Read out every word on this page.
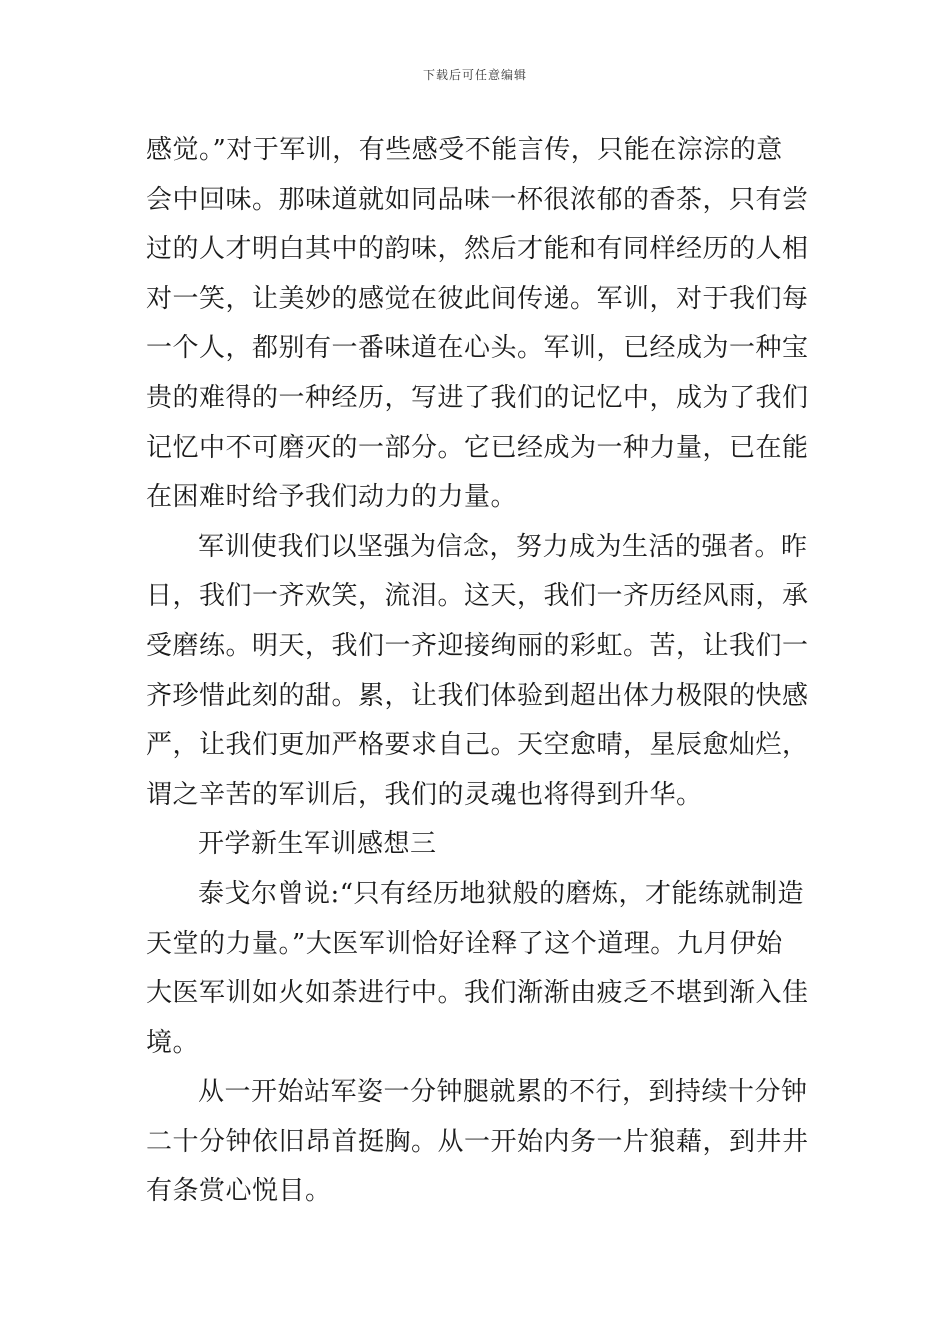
下载后可任意编辑
感觉。”对于军训，有些感受不能言传，只能在淙淙的意
会中回味。那味道就如同品味一杯很浓郁的香茶，只有尝
过的人才明白其中的韵味，然后才能和有同样经历的人相
对一笑，让美妙的感觉在彼此间传递。军训，对于我们每
一个人，都别有一番味道在心头。军训，已经成为一种宝
贵的难得的一种经历，写进了我们的记忆中，成为了我们
记忆中不可磨灭的一部分。它已经成为一种力量，已在能
在困难时给予我们动力的力量。
军训使我们以坚强为信念，努力成为生活的强者。昨
日，我们一齐欢笑，流泪。这天，我们一齐历经风雨，承
受磨练。明天，我们一齐迎接绚丽的彩虹。苦，让我们一
齐珍惜此刻的甜。累，让我们体验到超出体力极限的快感
严，让我们更加严格要求自己。天空愈晴，星辰愈灿烂，
谓之辛苦的军训后，我们的灵魂也将得到升华。
开学新生军训感想三
泰戈尔曾说:“只有经历地狱般的磨炼，才能练就制造
天堂的力量。”大医军训恰好诠释了这个道理。九月伊始
大医军训如火如荼进行中。我们渐渐由疲乏不堪到渐入佳
境。
从一开始站军姿一分钟腿就累的不行，到持续十分钟
二十分钟依旧昂首挺胸。从一开始内务一片狼藉，到井井
有条赏心悦目。
